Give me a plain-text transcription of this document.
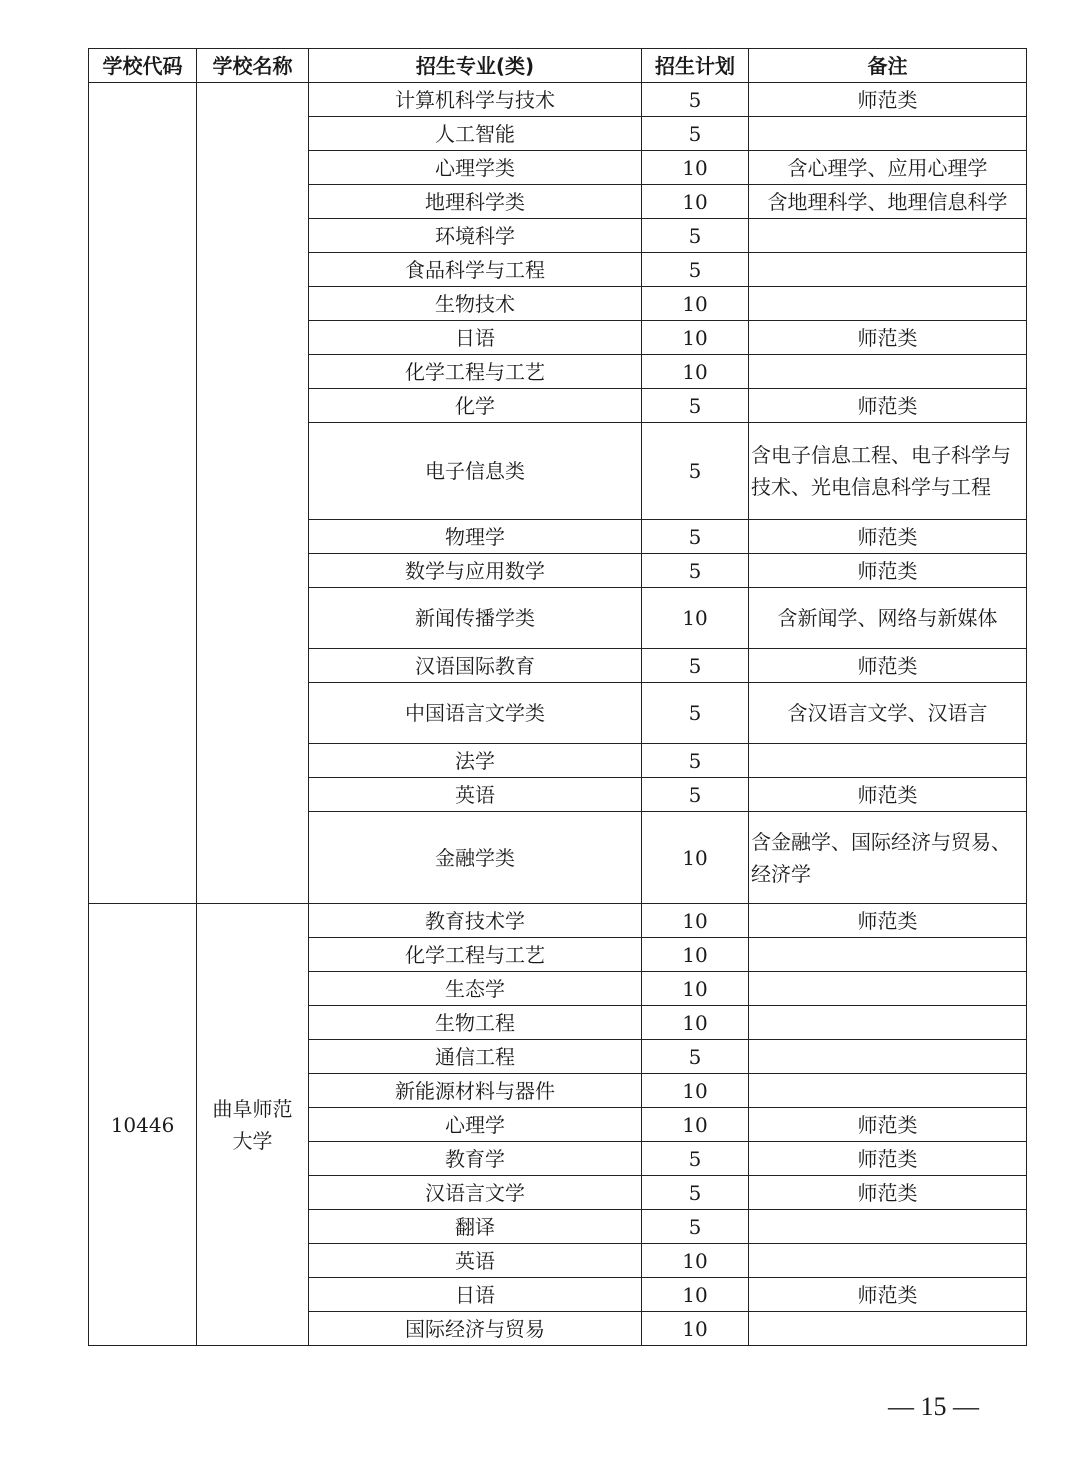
学校代码	学校名称	招生专业(类)	招生计划	备注
		计算机科学与技术	5	师范类
		人工智能	5	
		心理学类	10	含心理学、应用心理学
		地理科学类	10	含地理科学、地理信息科学
		环境科学	5	
		食品科学与工程	5	
		生物技术	10	
		日语	10	师范类
		化学工程与工艺	10	
		化学	5	师范类
		电子信息类	5	含电子信息工程、电子科学与技术、光电信息科学与工程
		物理学	5	师范类
		数学与应用数学	5	师范类
		新闻传播学类	10	含新闻学、网络与新媒体
		汉语国际教育	5	师范类
		中国语言文学类	5	含汉语言文学、汉语言
		法学	5	
		英语	5	师范类
		金融学类	10	含金融学、国际经济与贸易、经济学
10446	曲阜师范大学	教育技术学	10	师范类
		化学工程与工艺	10	
		生态学	10	
		生物工程	10	
		通信工程	5	
		新能源材料与器件	10	
		心理学	10	师范类
		教育学	5	师范类
		汉语言文学	5	师范类
		翻译	5	
		英语	10	
		日语	10	师范类
		国际经济与贸易	10	
— 15 —
